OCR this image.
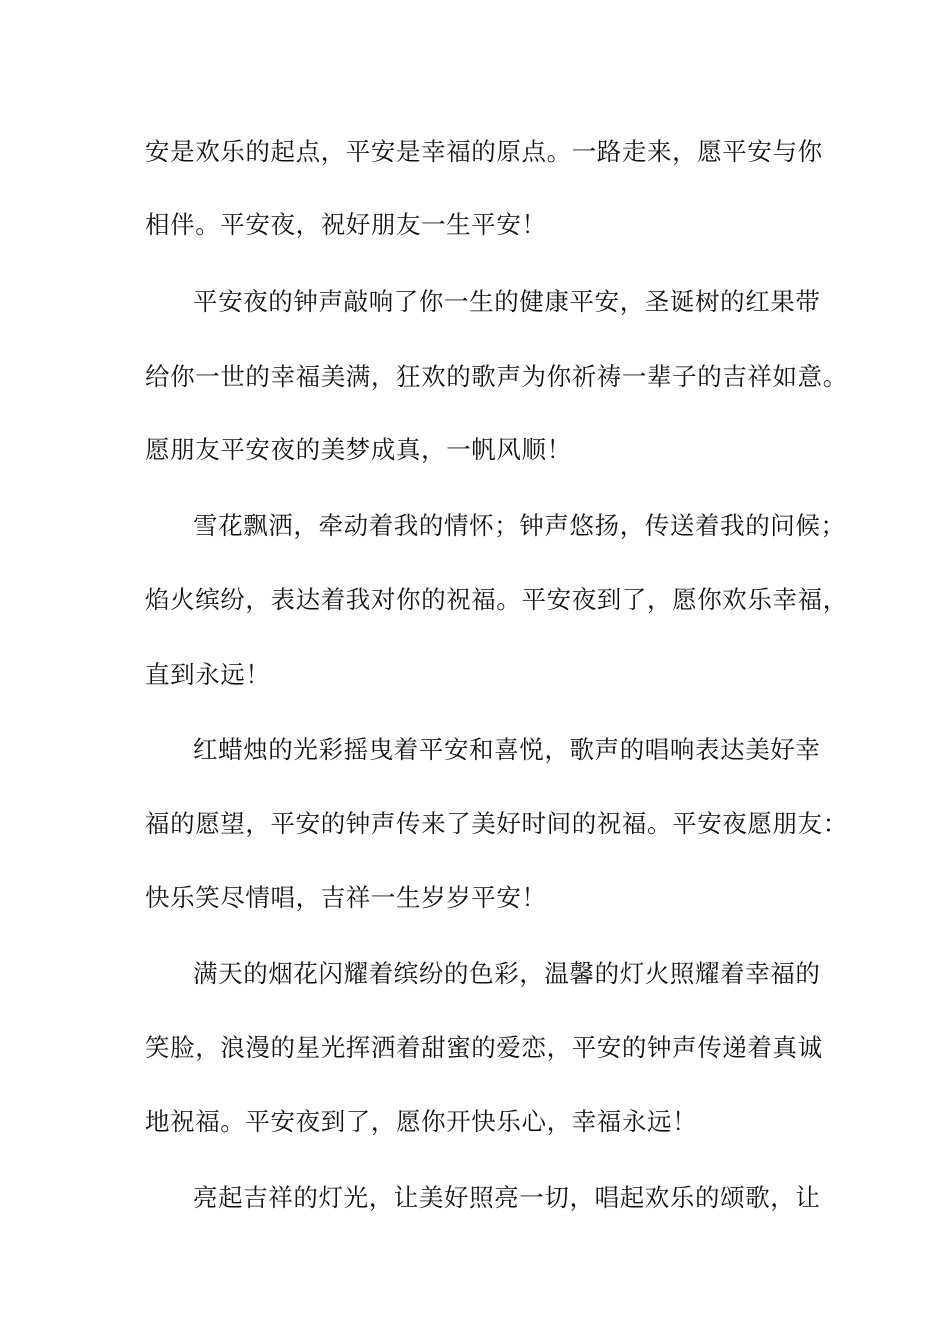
安是欢乐的起点，平安是幸福的原点。一路走来，愿平安与你
相伴。平安夜，祝好朋友一生平安！
平安夜的钟声敲响了你一生的健康平安，圣诞树的红果带
给你一世的幸福美满，狂欢的歌声为你祈祷一辈子的吉祥如意。
愿朋友平安夜的美梦成真，一帆风顺！
雪花飘洒，牵动着我的情怀；钟声悠扬，传送着我的问候；
焰火缤纷，表达着我对你的祝福。平安夜到了，愿你欢乐幸福，
直到永远！
红蜡烛的光彩摇曳着平安和喜悦，歌声的唱响表达美好幸
福的愿望，平安的钟声传来了美好时间的祝福。平安夜愿朋友：
快乐笑尽情唱，吉祥一生岁岁平安！
满天的烟花闪耀着缤纷的色彩，温馨的灯火照耀着幸福的
笑脸，浪漫的星光挥洒着甜蜜的爱恋，平安的钟声传递着真诚
地祝福。平安夜到了，愿你开快乐心，幸福永远！
亮起吉祥的灯光，让美好照亮一切，唱起欢乐的颂歌，让
